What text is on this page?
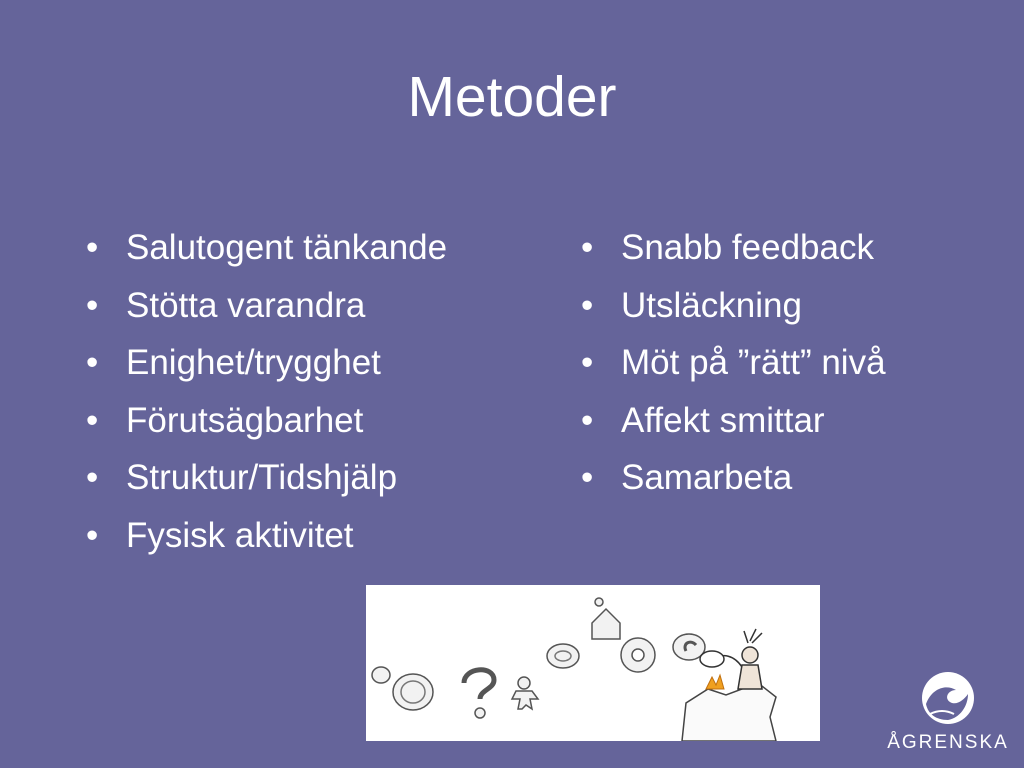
Metoder
• Salutogent tänkande
• Stötta varandra
• Enighet/trygghet
• Förutsägbarhet
• Struktur/Tidshjälp
• Fysisk aktivitet
• Snabb feedback
• Utsläckning
• Möt på ”rätt” nivå
• Affekt smittar
• Samarbeta
ÅGRENSKA
